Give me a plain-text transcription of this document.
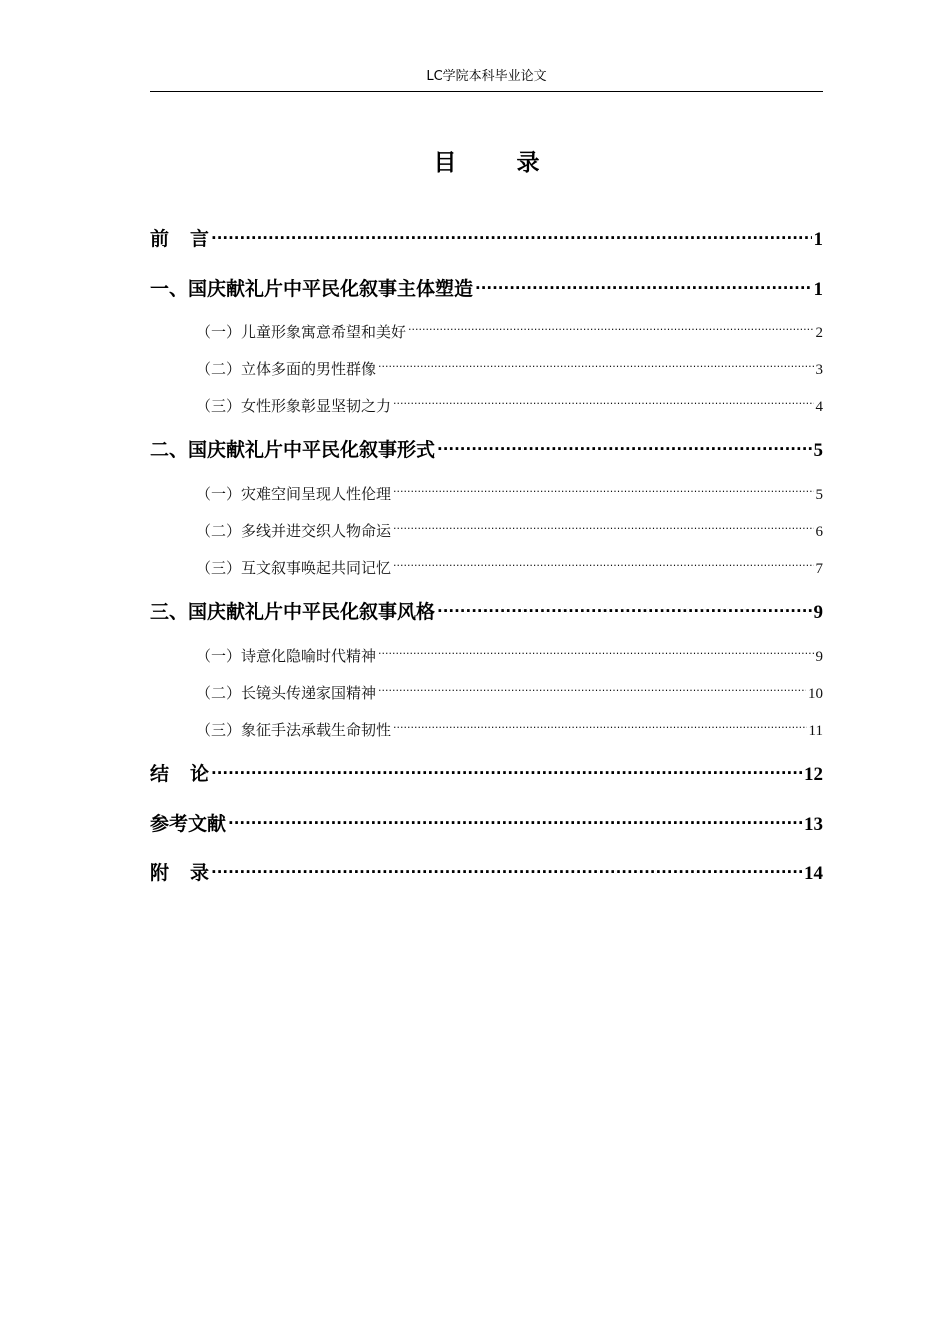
LC学院本科毕业论文
目 录
前言 .....	1
一、国庆献礼片中平民化叙事主体塑造 .....	1
（一）儿童形象寓意希望和美好 .....	2
（二）立体多面的男性群像 .....	3
（三）女性形象彰显坚韧之力 .....	4
二、国庆献礼片中平民化叙事形式 .....	5
（一）灾难空间呈现人性伦理 .....	5
（二）多线并进交织人物命运 .....	6
（三）互文叙事唤起共同记忆 .....	7
三、国庆献礼片中平民化叙事风格 .....	9
（一）诗意化隐喻时代精神 .....	9
（二）长镜头传递家国精神 .....	10
（三）象征手法承载生命韧性 .....	11
结论 .....	12
参考文献 .....	13
附录 .....	14
